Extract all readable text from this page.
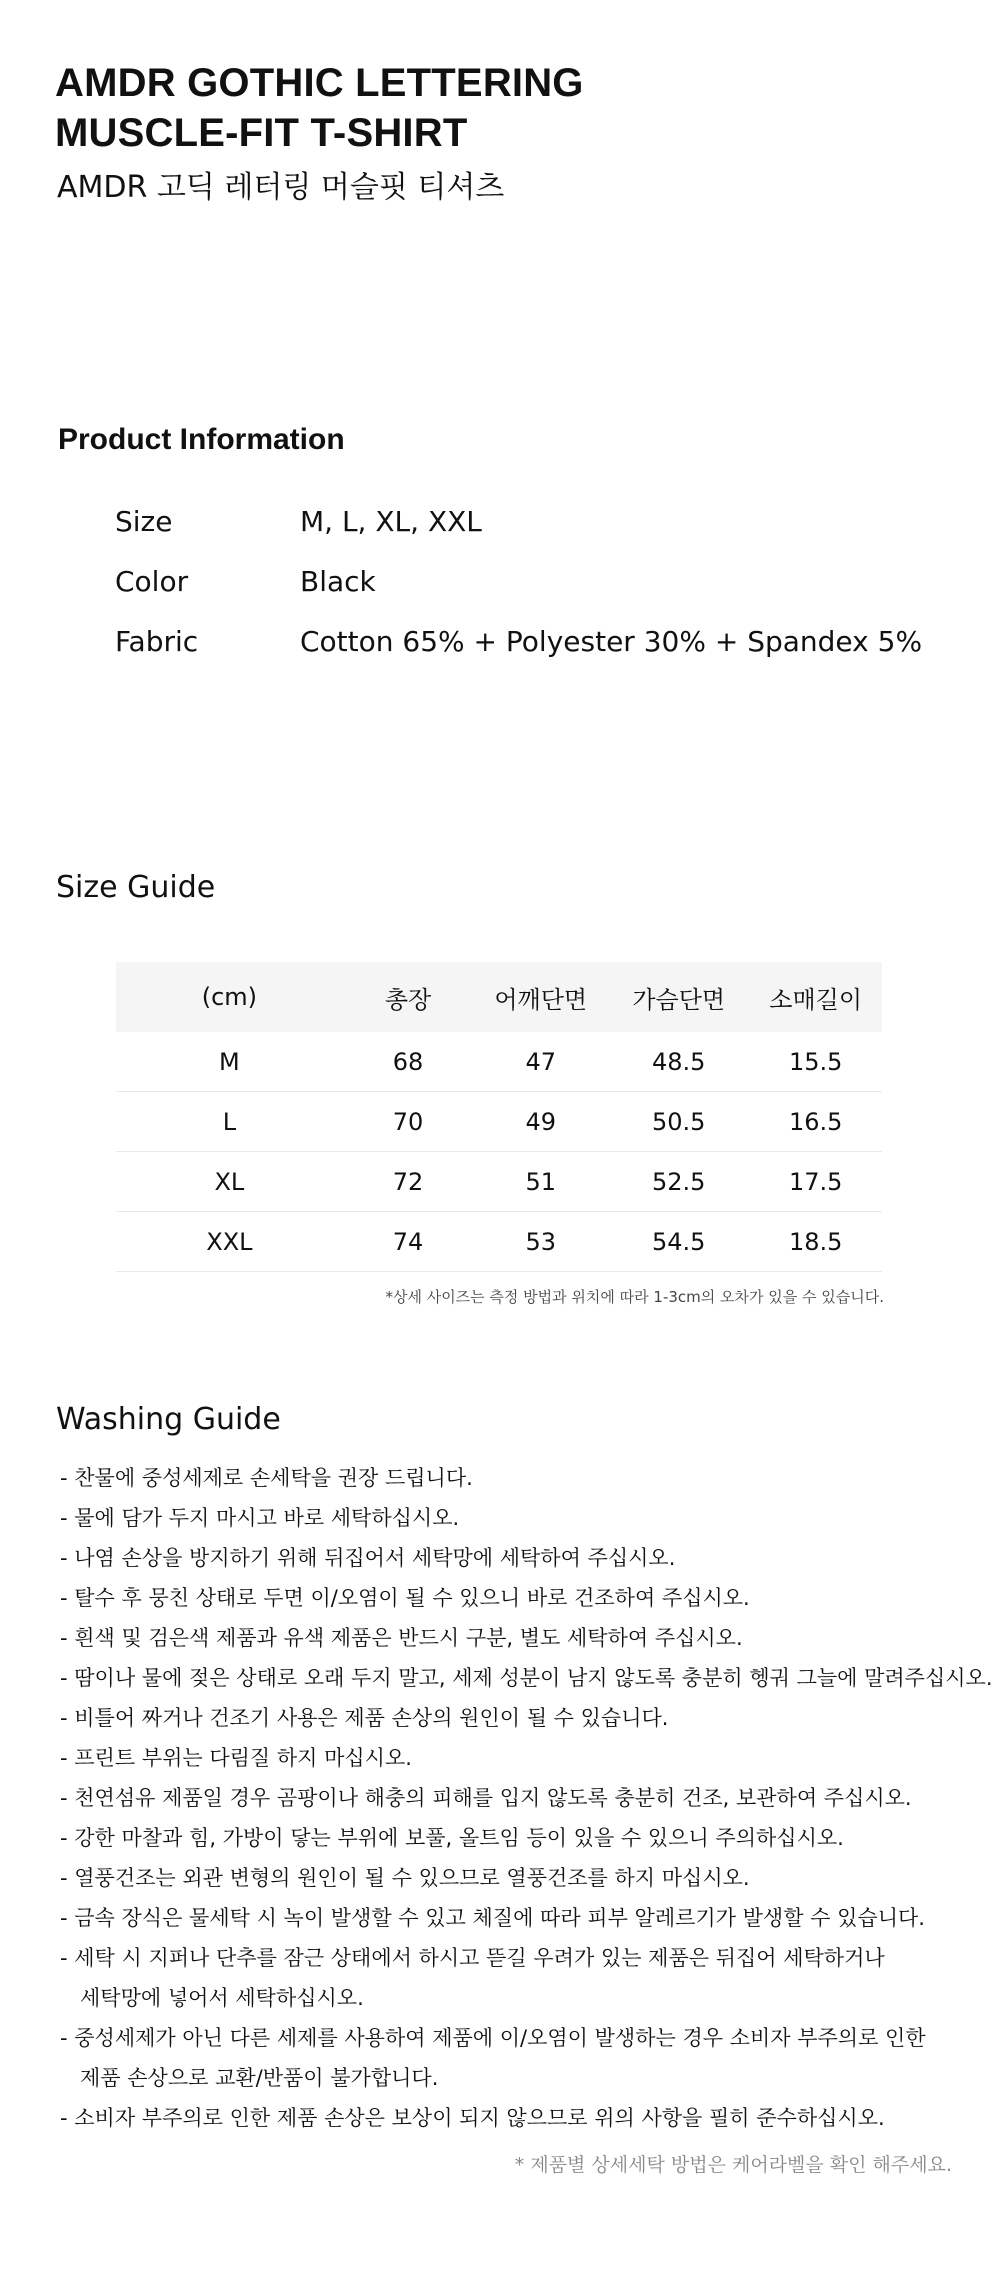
AMDR GOTHIC LETTERING
MUSCLE-FIT T-SHIRT
AMDR 고딕 레터링 머슬핏 티셔츠
Product Information
Size	M, L, XL, XXL
Color	Black
Fabric	Cotton 65% + Polyester 30% + Spandex 5%
Size Guide
(cm)	총장	어깨단면	가슴단면	소매길이
M	68	47	48.5	15.5
L	70	49	50.5	16.5
XL	72	51	52.5	17.5
XXL	74	53	54.5	18.5
*상세 사이즈는 측정 방법과 위치에 따라 1-3cm의 오차가 있을 수 있습니다.
Washing Guide
- 찬물에 중성세제로 손세탁을 권장 드립니다.
- 물에 담가 두지 마시고 바로 세탁하십시오.
- 나염 손상을 방지하기 위해 뒤집어서 세탁망에 세탁하여 주십시오.
- 탈수 후 뭉친 상태로 두면 이/오염이 될 수 있으니 바로 건조하여 주십시오.
- 흰색 및 검은색 제품과 유색 제품은 반드시 구분, 별도 세탁하여 주십시오.
- 땀이나 물에 젖은 상태로 오래 두지 말고, 세제 성분이 남지 않도록 충분히 헹궈 그늘에 말려주십시오.
- 비틀어 짜거나 건조기 사용은 제품 손상의 원인이 될 수 있습니다.
- 프린트 부위는 다림질 하지 마십시오.
- 천연섬유 제품일 경우 곰팡이나 해충의 피해를 입지 않도록 충분히 건조, 보관하여 주십시오.
- 강한 마찰과 힘, 가방이 닿는 부위에 보풀, 올트임 등이 있을 수 있으니 주의하십시오.
- 열풍건조는 외관 변형의 원인이 될 수 있으므로 열풍건조를 하지 마십시오.
- 금속 장식은 물세탁 시 녹이 발생할 수 있고 체질에 따라 피부 알레르기가 발생할 수 있습니다.
- 세탁 시 지퍼나 단추를 잠근 상태에서 하시고 뜯길 우려가 있는 제품은 뒤집어 세탁하거나
세탁망에 넣어서 세탁하십시오.
- 중성세제가 아닌 다른 세제를 사용하여 제품에 이/오염이 발생하는 경우 소비자 부주의로 인한
제품 손상으로 교환/반품이 불가합니다.
- 소비자 부주의로 인한 제품 손상은 보상이 되지 않으므로 위의 사항을 필히 준수하십시오.
* 제품별 상세세탁 방법은 케어라벨을 확인 해주세요.
